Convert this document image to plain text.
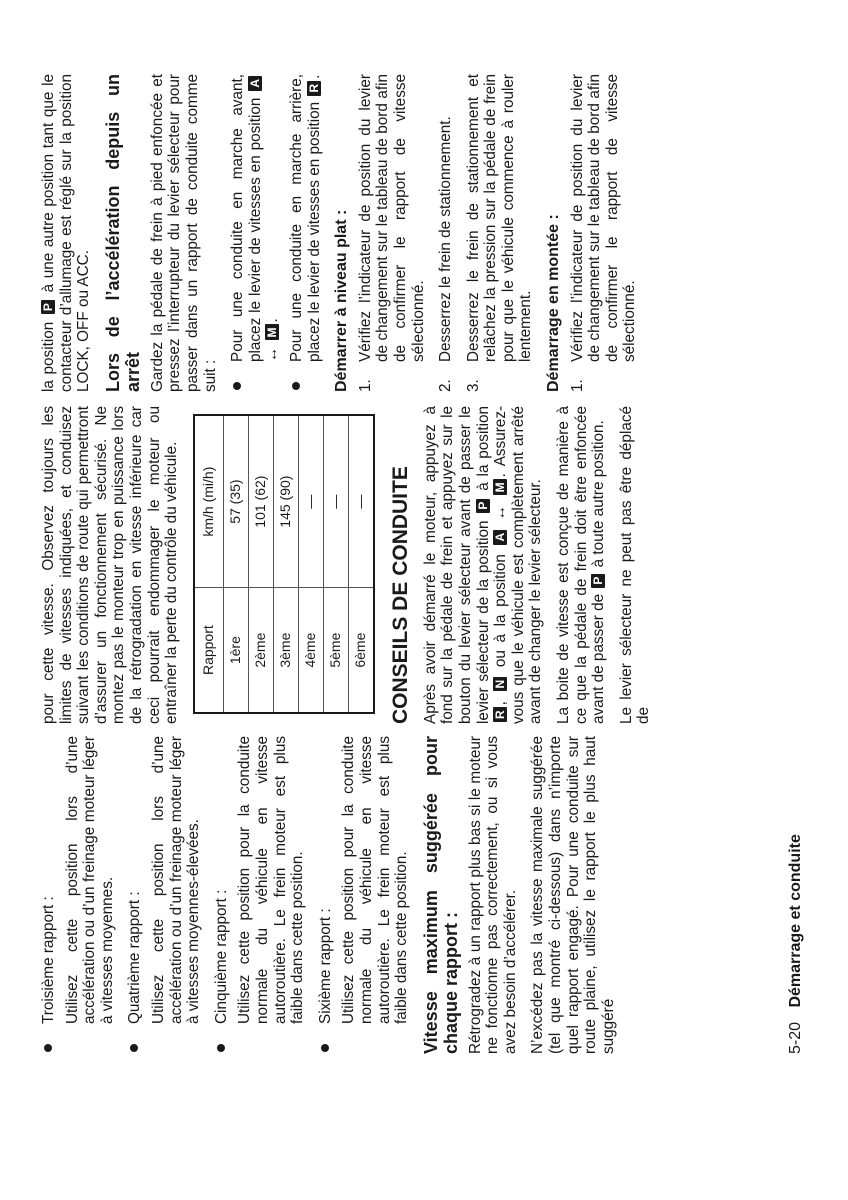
Troisième rapport : Utilisez cette position lors d’une accélération ou d’un freinage moteur léger à vitesses moyennes. Quatrième rapport : Utilisez cette position lors d’une accélération ou d’un freinage moteur léger à vitesses moyennes-élevées. Cinquième rapport : Utilisez cette position pour la conduite normale du véhicule en vitesse autoroutière. Le frein moteur est plus faible dans cette position. Sixième rapport : Utilisez cette position pour la conduite normale du véhicule en vitesse autoroutière. Le frein moteur est plus faible dans cette position. Vitesse maximum suggérée pour chaque rapport : Rétrogradez à un rapport plus bas si le moteur ne fonctionne pas correctement, ou si vous avez besoin d’accélérer. N’excédez pas la vitesse maximale suggérée (tel que montré ci-dessous) dans n’importe quel rapport engagé. Pour une conduite sur route plaine, utilisez le rapport le plus haut suggéré

pour cette vitesse. Observez toujours les limites de vitesses indiquées, et conduisez suivant les conditions de route qui permettront d’assurer un fonctionnement sécurisé. Ne montez pas le monteur trop en puissance lors de la rétrogradation en vitesse inférieure car ceci pourrait endommager le moteur ou entraîner la perte du contrôle du véhicule. Rapport	km/h (mi/h)
1ère	57 (35)
2ème	101 (62)
3ème	145 (90)
4ème	—
5ème	—
6ème	— CONSEILS DE CONDUITE Après avoir démarré le moteur, appuyez à fond sur la pédale de frein et appuyez sur le bouton du levier sélecteur avant de passer le levier sélecteur de la position P à la position R, N ou à la position A ↔ M. Assurez-vous que le véhicule est complètement arrêté avant de changer le levier sélecteur. La boite de vitesse est conçue de manière à ce que la pédale de frein doit être enfoncée avant de passer de P à toute autre position. Le levier sélecteur ne peut pas être déplacé de

la position P à une autre position tant que le contacteur d’allumage est réglé sur la position LOCK, OFF ou ACC. Lors de l’accélération depuis un arrêt Gardez la pédale de frein à pied enfoncée et pressez l’interrupteur du levier sélecteur pour passer dans un rapport de conduite comme suit :

Pour une conduite en marche avant, placez le levier de vitesses en position A ↔ M. Pour une conduite en marche arrière, placez le levier de vitesses en position R.
Démarrer à niveau plat : 1.
Vérifiez l’indicateur de position du levier de changement sur le tableau de bord afin de confirmer le rapport de vitesse sélectionné.
2.
Desserrez le frein de stationnement.
3.
Desserrez le frein de stationnement et relâchez la pression sur la pédale de frein pour que le véhicule commence à rouler lentement. Démarrage en montée : 1.
Vérifiez l’indicateur de position du levier de changement sur le tableau de bord afin de confirmer le rapport de vitesse sélectionné.
5-20 Démarrage et conduite
